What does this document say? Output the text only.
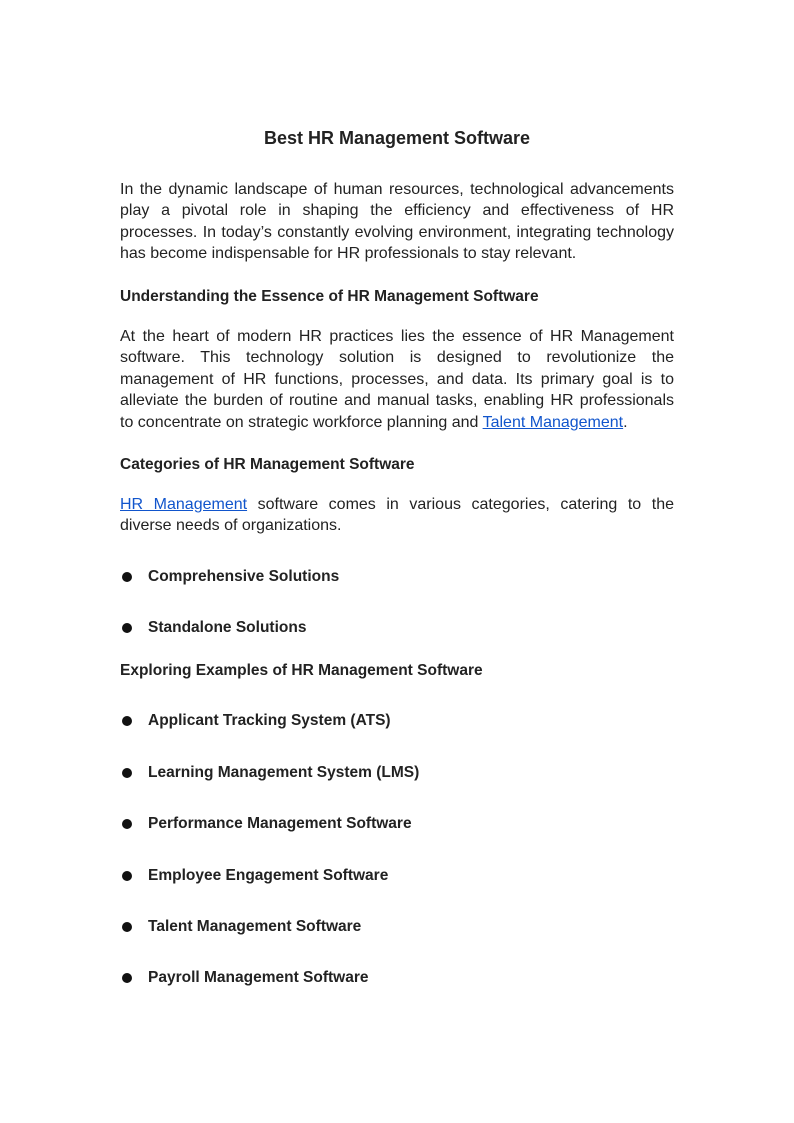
Best HR Management Software

In the dynamic landscape of human resources, technological advancements play a pivotal role in shaping the efficiency and effectiveness of HR processes. In today’s constantly evolving environment, integrating technology has become indispensable for HR professionals to stay relevant.

Understanding the Essence of HR Management Software

At the heart of modern HR practices lies the essence of HR Management software. This technology solution is designed to revolutionize the management of HR functions, processes, and data. Its primary goal is to alleviate the burden of routine and manual tasks, enabling HR professionals to concentrate on strategic workforce planning and Talent Management.

Categories of HR Management Software

HR Management software comes in various categories, catering to the diverse needs of organizations.

Comprehensive Solutions
Standalone Solutions
Exploring Examples of HR Management Software
Applicant Tracking System (ATS)
Learning Management System (LMS)
Performance Management Software
Employee Engagement Software
Talent Management Software
Payroll Management Software
